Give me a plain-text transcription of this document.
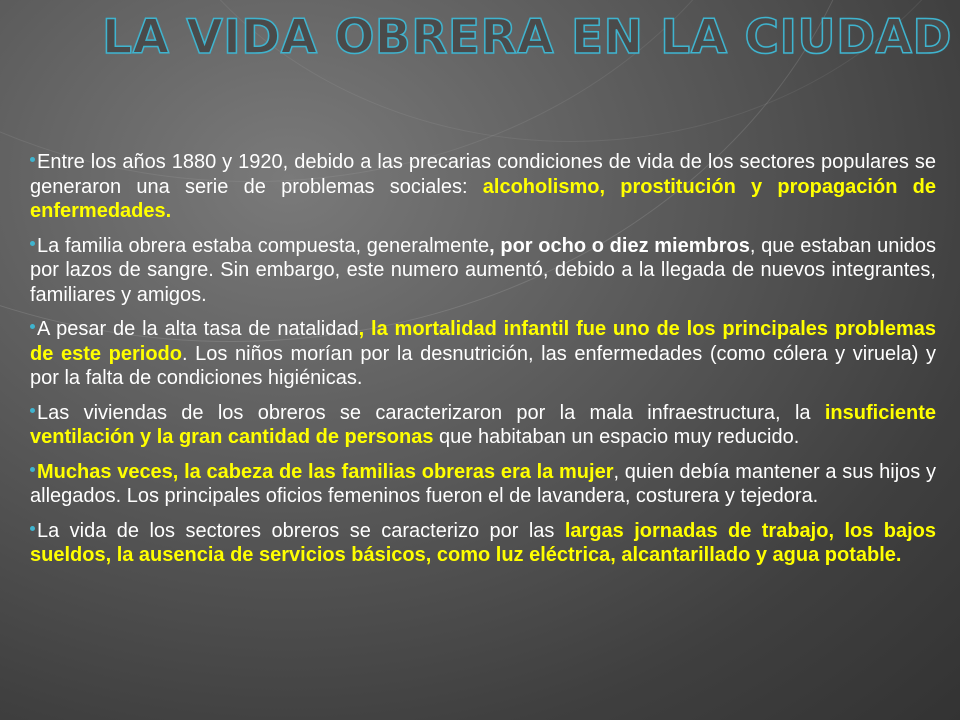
LA VIDA OBRERA EN LA CIUDAD

Entre los años 1880 y 1920, debido a las precarias condiciones de vida de los sectores populares se generaron una serie de problemas sociales: alcoholismo, prostitución y propagación de enfermedades.

La familia obrera estaba compuesta, generalmente, por ocho o diez miembros, que estaban unidos por lazos de sangre. Sin embargo, este numero aumentó, debido a la llegada de nuevos integrantes, familiares y amigos.

A pesar de la alta tasa de natalidad, la mortalidad infantil fue uno de los principales problemas de este periodo. Los niños morían por la desnutrición, las enfermedades (como cólera y viruela) y por la falta de condiciones higiénicas.

Las viviendas de los obreros se caracterizaron por la mala infraestructura, la insuficiente ventilación y la gran cantidad de personas que habitaban un espacio muy reducido.

Muchas veces, la cabeza de las familias obreras era la mujer, quien debía mantener a sus hijos y allegados. Los principales oficios femeninos fueron el de lavandera, costurera y tejedora.

La vida de los sectores obreros se caracterizo por las largas jornadas de trabajo, los bajos sueldos, la ausencia de servicios básicos, como luz eléctrica, alcantarillado y agua potable.
